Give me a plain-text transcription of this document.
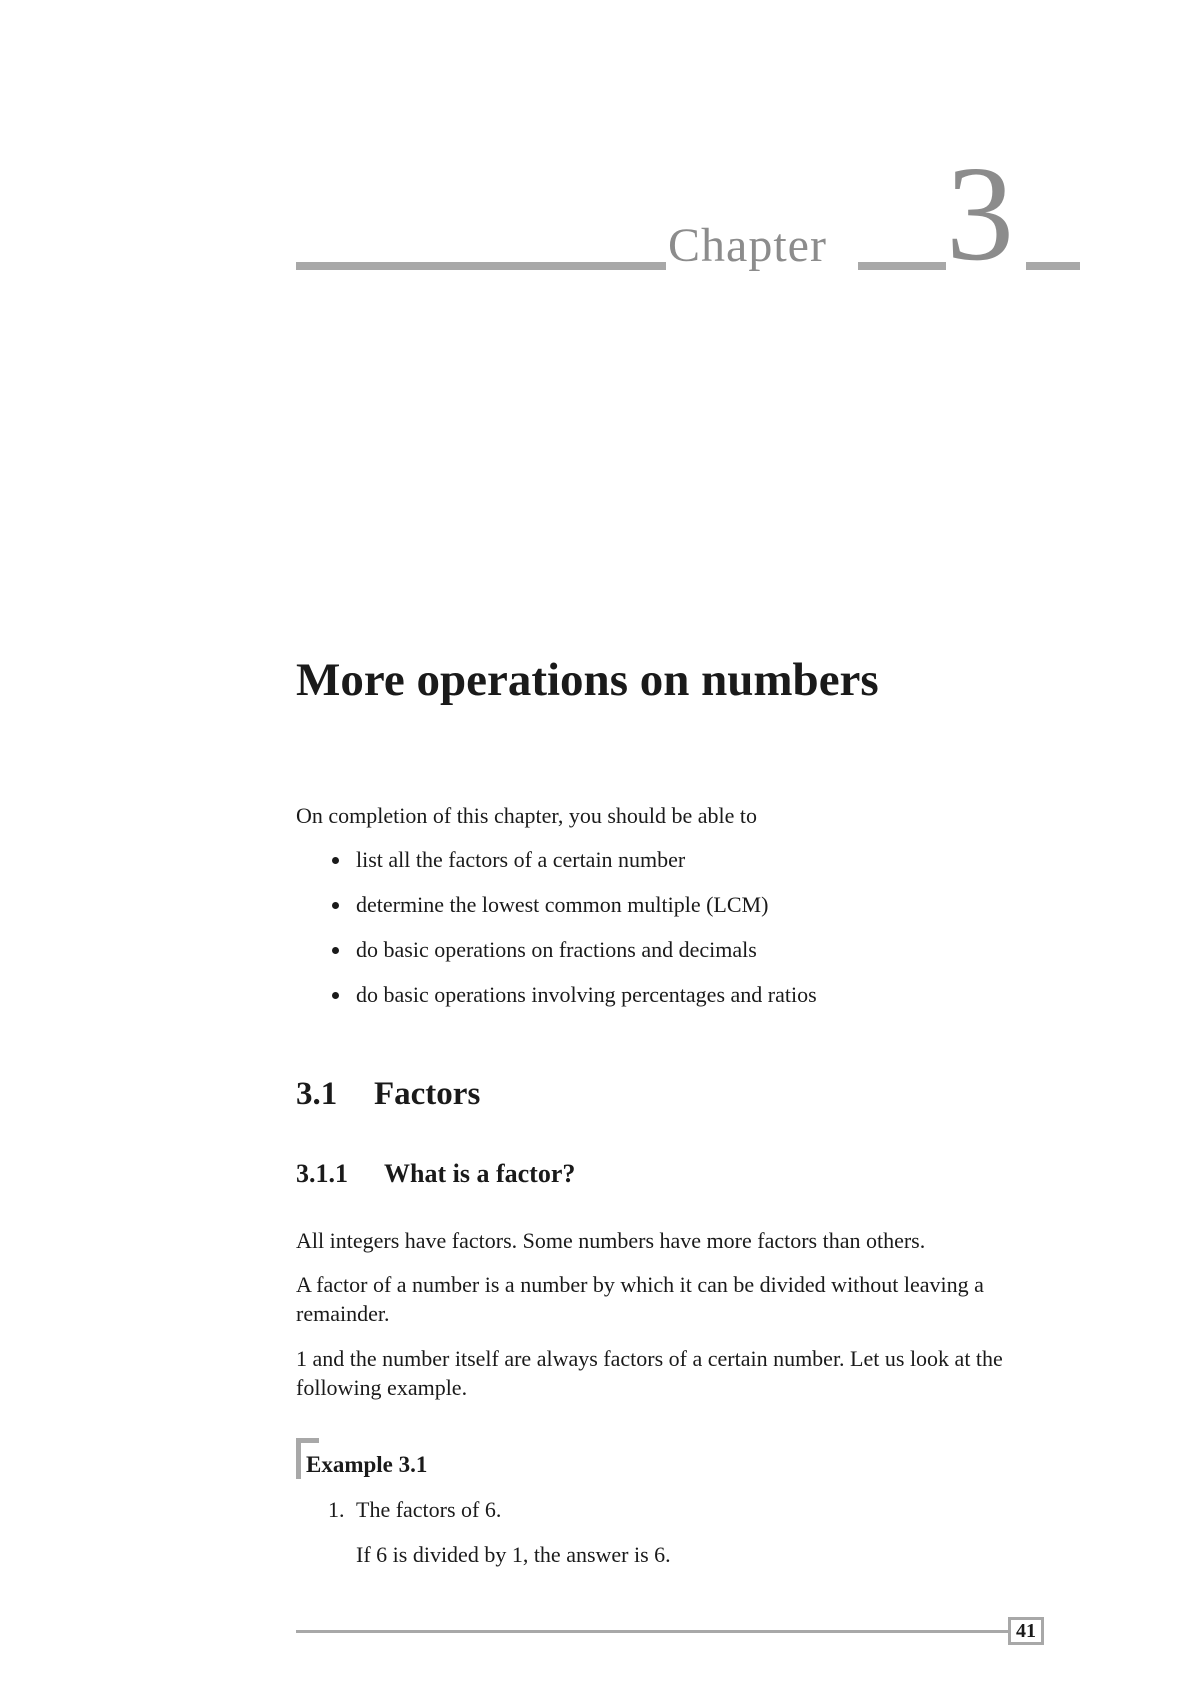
Chapter 3
More operations on numbers

On completion of this chapter, you should be able to

list all the factors of a certain number
determine the lowest common multiple (LCM)
do basic operations on fractions and decimals
do basic operations involving percentages and ratios
3.1 Factors
3.1.1 What is a factor?

All integers have factors. Some numbers have more factors than others.

A factor of a number is a number by which it can be divided without leaving a remainder.

1 and the number itself are always factors of a certain number. Let us look at the following example.

Example 3.1

1. The factors of 6.
If 6 is divided by 1, the answer is 6.
41
